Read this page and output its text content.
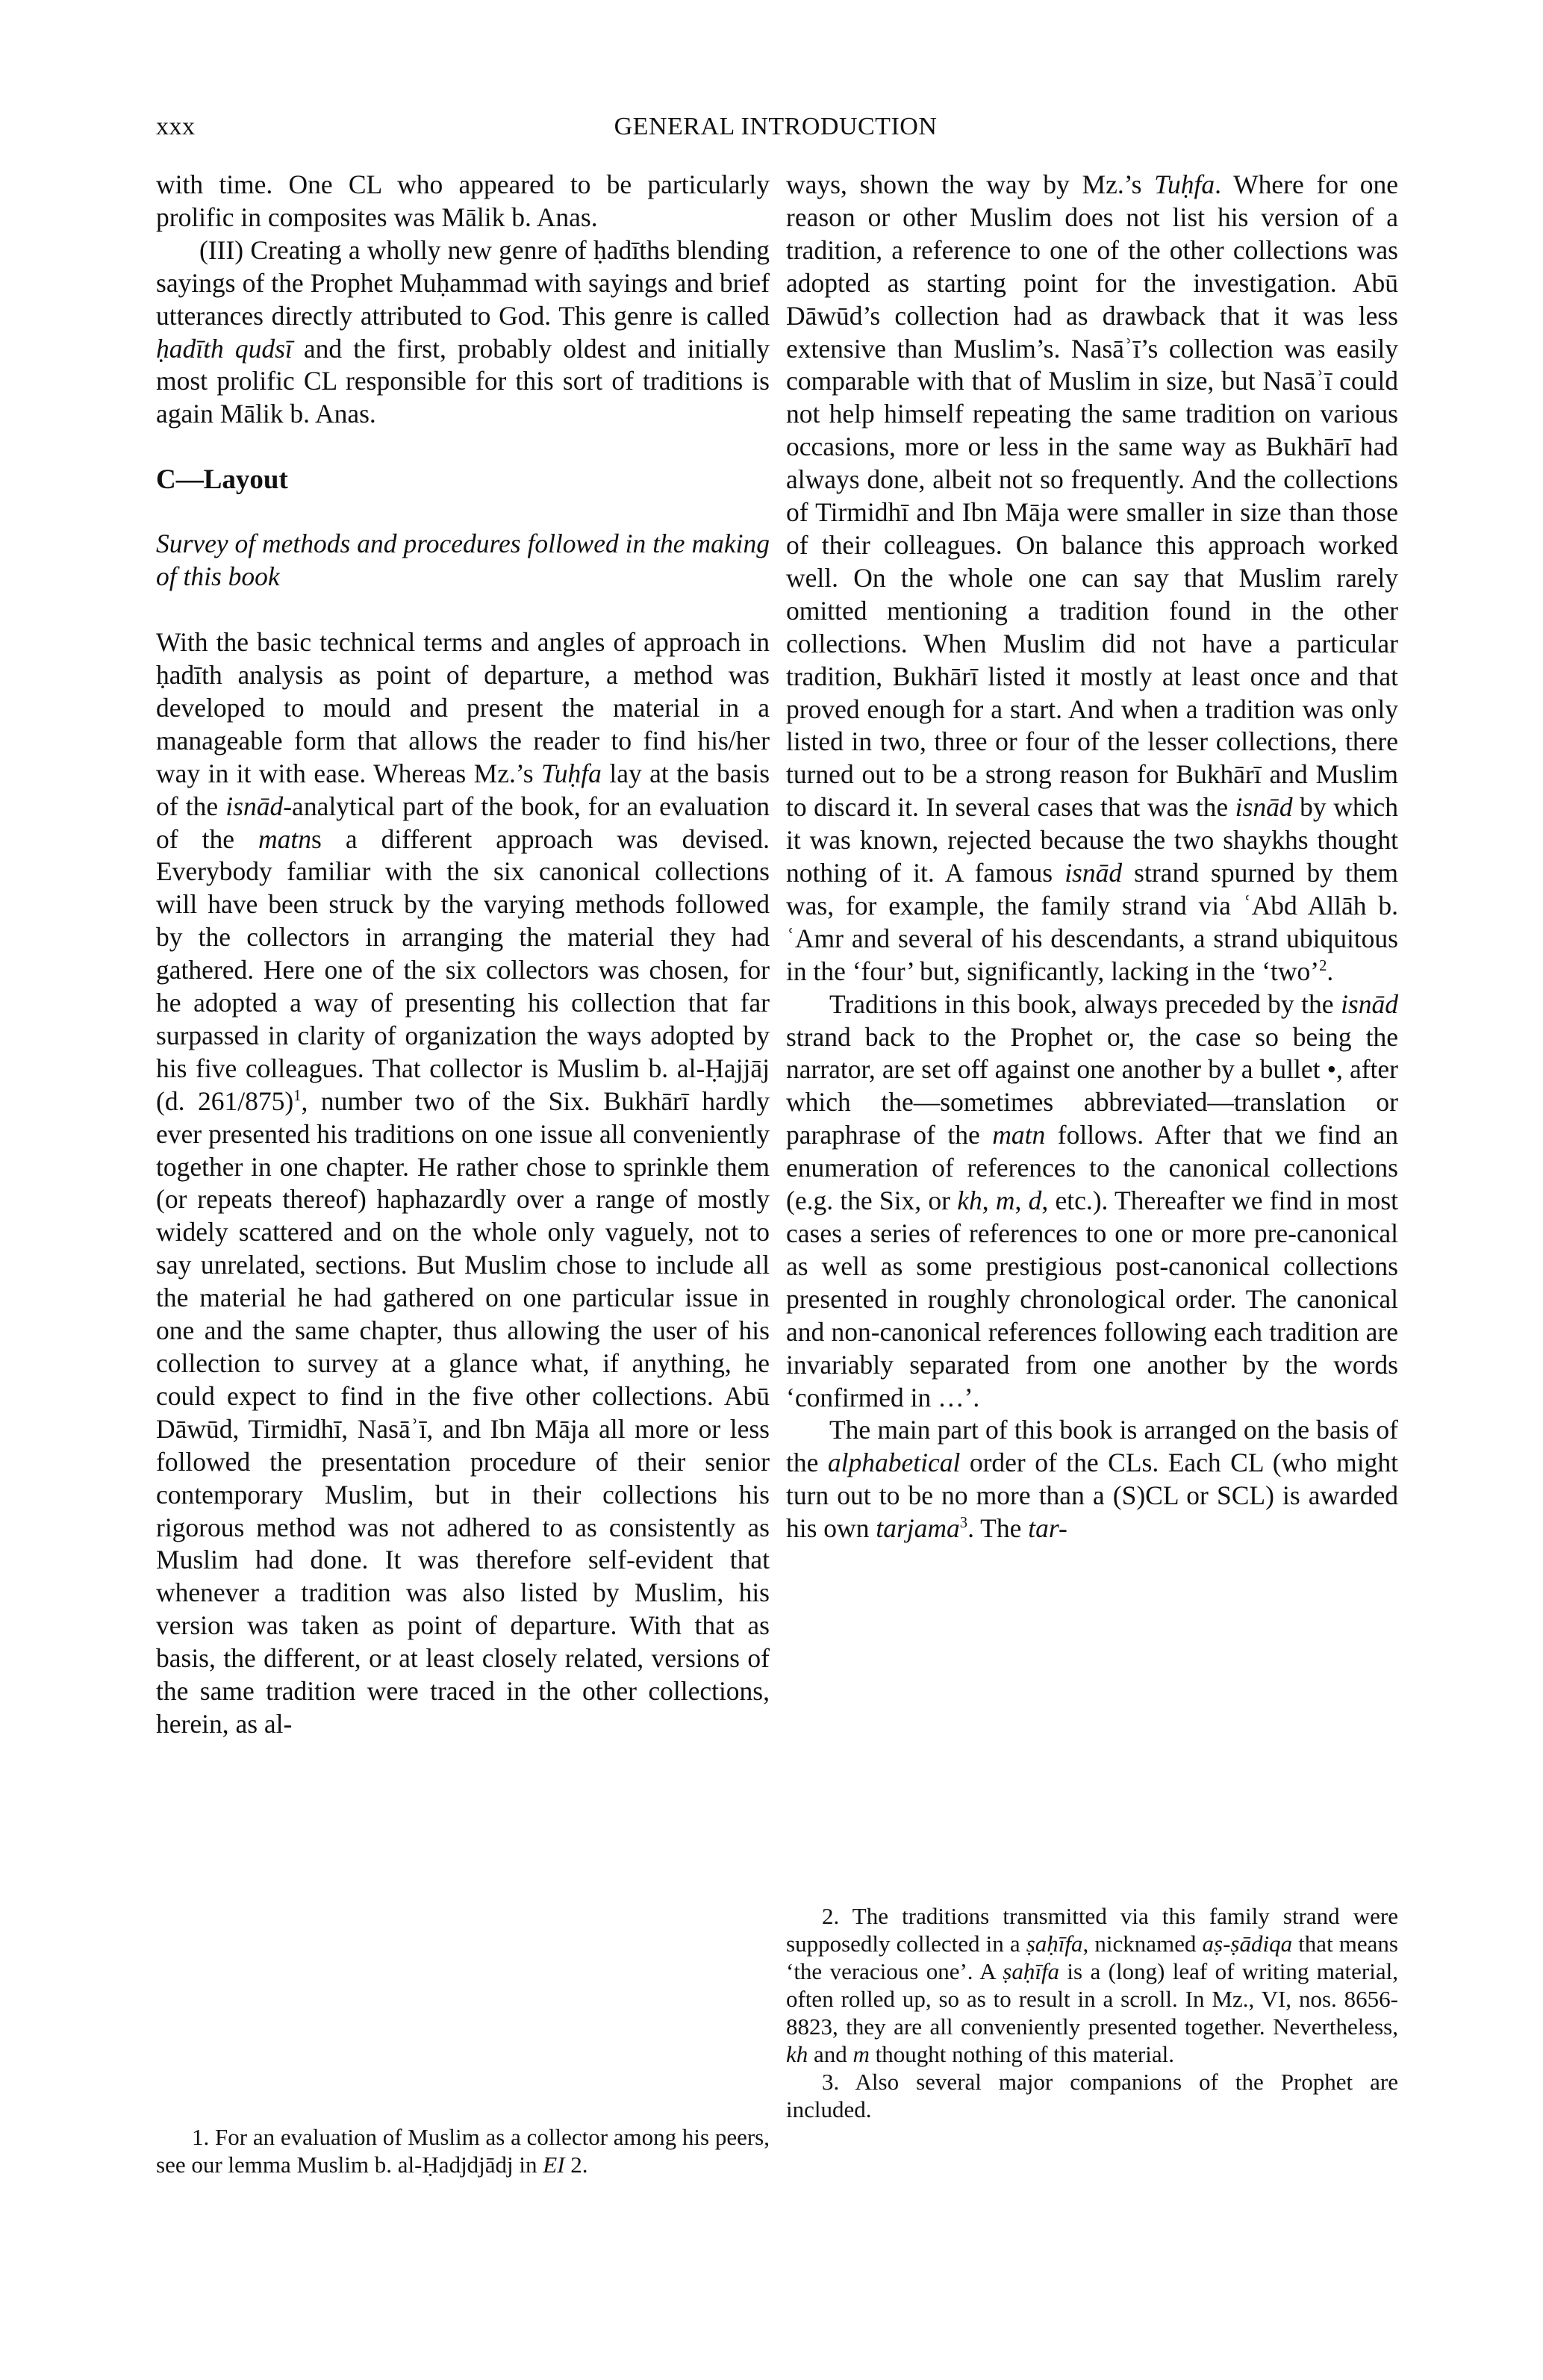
xxx	GENERAL INTRODUCTION

with time. One CL who appeared to be particularly prolific in composites was Mālik b. Anas.

(III) Creating a wholly new genre of ḥadīths blending sayings of the Prophet Muḥammad with sayings and brief utterances directly attributed to God. This genre is called ḥadīth qudsī and the first, probably oldest and initially most prolific CL responsible for this sort of traditions is again Mālik b. Anas.

C—Layout
Survey of methods and procedures followed in the making of this book

With the basic technical terms and angles of approach in ḥadīth analysis as point of departure, a method was developed to mould and present the material in a manageable form that allows the reader to find his/her way in it with ease. Whereas Mz.’s Tuḥfa lay at the basis of the isnād-analytical part of the book, for an evaluation of the matns a different approach was devised. Everybody familiar with the six canonical collections will have been struck by the varying methods followed by the collectors in arranging the material they had gathered. Here one of the six collectors was chosen, for he adopted a way of presenting his collection that far surpassed in clarity of organization the ways adopted by his five colleagues. That collector is Muslim b. al-Ḥajjāj (d. 261/875)$^1$, number two of the Six. Bukhārī hardly ever presented his traditions on one issue all conveniently together in one chapter. He rather chose to sprinkle them (or repeats thereof) haphazardly over a range of mostly widely scattered and on the whole only vaguely, not to say unrelated, sections. But Muslim chose to include all the material he had gathered on one particular issue in one and the same chapter, thus allowing the user of his collection to survey at a glance what, if anything, he could expect to find in the five other collections. Abū Dāwūd, Tirmidhī, Nasāʾī, and Ibn Māja all more or less followed the presentation procedure of their senior contemporary Muslim, but in their collections his rigorous method was not adhered to as consistently as Muslim had done. It was therefore self-evident that whenever a tradition was also listed by Muslim, his version was taken as point of departure. With that as basis, the different, or at least closely related, versions of the same tradition were traced in the other collections, herein, as al-

ways, shown the way by Mz.’s Tuḥfa. Where for one reason or other Muslim does not list his version of a tradition, a reference to one of the other collections was adopted as starting point for the investigation. Abū Dāwūd’s collection had as drawback that it was less extensive than Muslim’s. Nasāʾī’s collection was easily comparable with that of Muslim in size, but Nasāʾī could not help himself repeating the same tradition on various occasions, more or less in the same way as Bukhārī had always done, albeit not so frequently. And the collections of Tirmidhī and Ibn Māja were smaller in size than those of their colleagues. On balance this approach worked well. On the whole one can say that Muslim rarely omitted mentioning a tradition found in the other collections. When Muslim did not have a particular tradition, Bukhārī listed it mostly at least once and that proved enough for a start. And when a tradition was only listed in two, three or four of the lesser collections, there turned out to be a strong reason for Bukhārī and Muslim to discard it. In several cases that was the isnād by which it was known, rejected because the two shaykhs thought nothing of it. A famous isnād strand spurned by them was, for example, the family strand via ʿAbd Allāh b. ʿAmr and several of his descendants, a strand ubiquitous in the ‘four’ but, significantly, lacking in the ‘two’$^2$.

Traditions in this book, always preceded by the isnād strand back to the Prophet or, the case so being the narrator, are set off against one another by a bullet •, after which the—sometimes abbreviated—translation or paraphrase of the matn follows. After that we find an enumeration of references to the canonical collections (e.g. the Six, or kh, m, d, etc.). Thereafter we find in most cases a series of references to one or more pre-canonical as well as some prestigious post-canonical collections presented in roughly chronological order. The canonical and non-canonical references following each tradition are invariably separated from one another by the words ‘confirmed in …’.

The main part of this book is arranged on the basis of the alphabetical order of the CLs. Each CL (who might turn out to be no more than a (S)CL or SCL) is awarded his own tarjama$^3$. The tar-

1. For an evaluation of Muslim as a collector among his peers, see our lemma Muslim b. al-Ḥadjdjādj in EI 2.

2. The traditions transmitted via this family strand were supposedly collected in a ṣaḥīfa, nicknamed aṣ-ṣādiqa that means ‘the veracious one’. A ṣaḥīfa is a (long) leaf of writing material, often rolled up, so as to result in a scroll. In Mz., VI, nos. 8656-8823, they are all conveniently presented together. Nevertheless, kh and m thought nothing of this material.

3. Also several major companions of the Prophet are included.
